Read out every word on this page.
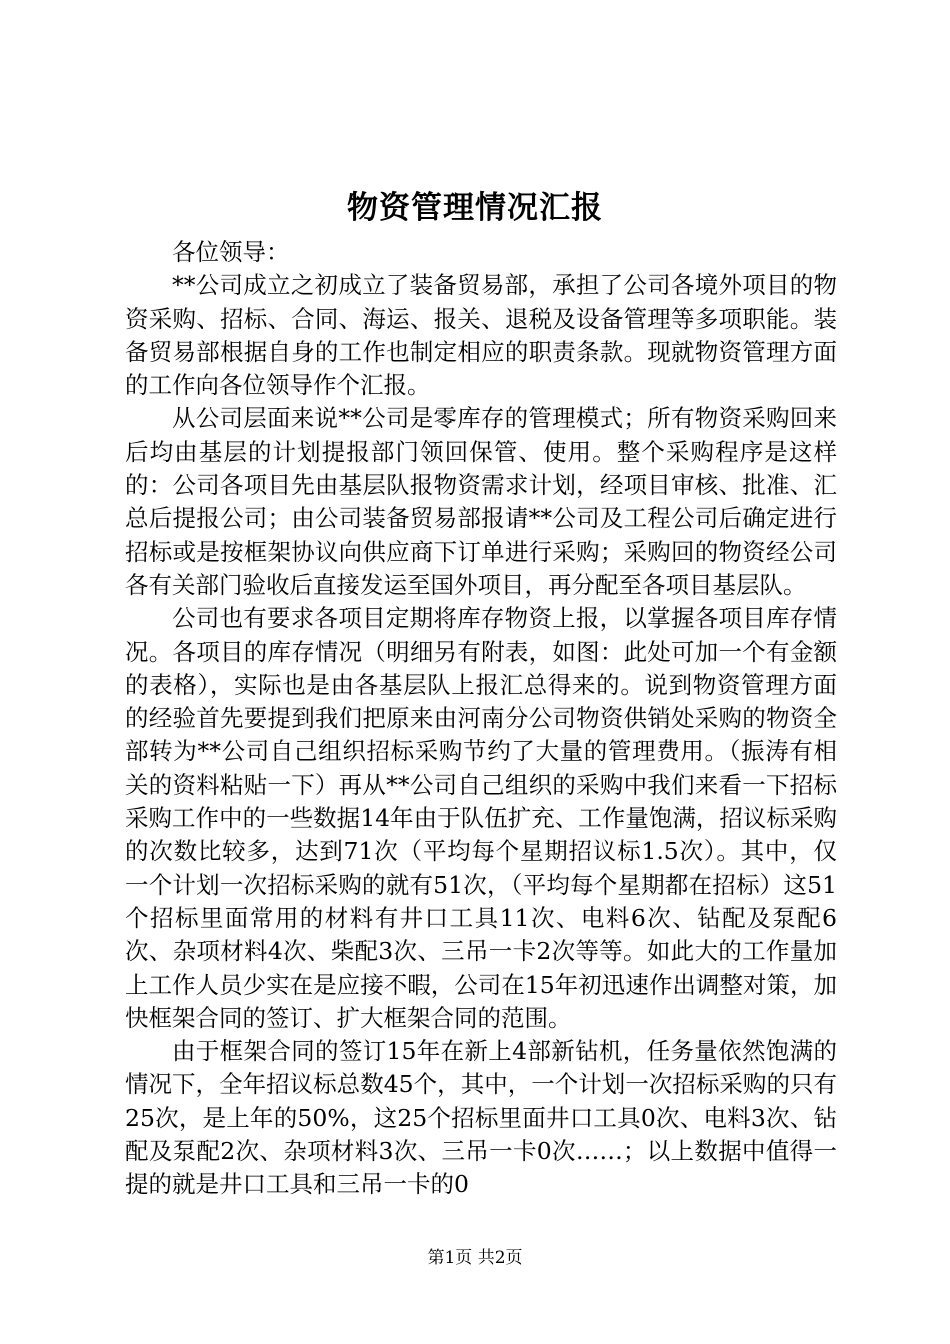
物资管理情况汇报

各位领导：

**公司成立之初成立了装备贸易部，承担了公司各境外项目的物资采购、招标、合同、海运、报关、退税及设备管理等多项职能。装备贸易部根据自身的工作也制定相应的职责条款。现就物资管理方面的工作向各位领导作个汇报。

从公司层面来说**公司是零库存的管理模式；所有物资采购回来后均由基层的计划提报部门领回保管、使用。整个采购程序是这样的：公司各项目先由基层队报物资需求计划，经项目审核、批准、汇总后提报公司；由公司装备贸易部报请**公司及工程公司后确定进行招标或是按框架协议向供应商下订单进行采购；采购回的物资经公司各有关部门验收后直接发运至国外项目，再分配至各项目基层队。

公司也有要求各项目定期将库存物资上报，以掌握各项目库存情况。各项目的库存情况（明细另有附表，如图：此处可加一个有金额的表格），实际也是由各基层队上报汇总得来的。说到物资管理方面的经验首先要提到我们把原来由河南分公司物资供销处采购的物资全部转为**公司自己组织招标采购节约了大量的管理费用。（振涛有相关的资料粘贴一下）再从**公司自己组织的采购中我们来看一下招标采购工作中的一些数据14年由于队伍扩充、工作量饱满，招议标采购的次数比较多，达到71次（平均每个星期招议标1.5次）。其中，仅一个计划一次招标采购的就有51次，（平均每个星期都在招标）这51个招标里面常用的材料有井口工具11次、电料6次、钻配及泵配6次、杂项材料4次、柴配3次、三吊一卡2次等等。如此大的工作量加上工作人员少实在是应接不暇，公司在15年初迅速作出调整对策，加快框架合同的签订、扩大框架合同的范围。

由于框架合同的签订15年在新上4部新钻机，任务量依然饱满的情况下，全年招议标总数45个，其中，一个计划一次招标采购的只有25次，是上年的50%，这25个招标里面井口工具0次、电料3次、钻配及泵配2次、杂项材料3次、三吊一卡0次……；以上数据中值得一提的就是井口工具和三吊一卡的0

第1页 共2页
